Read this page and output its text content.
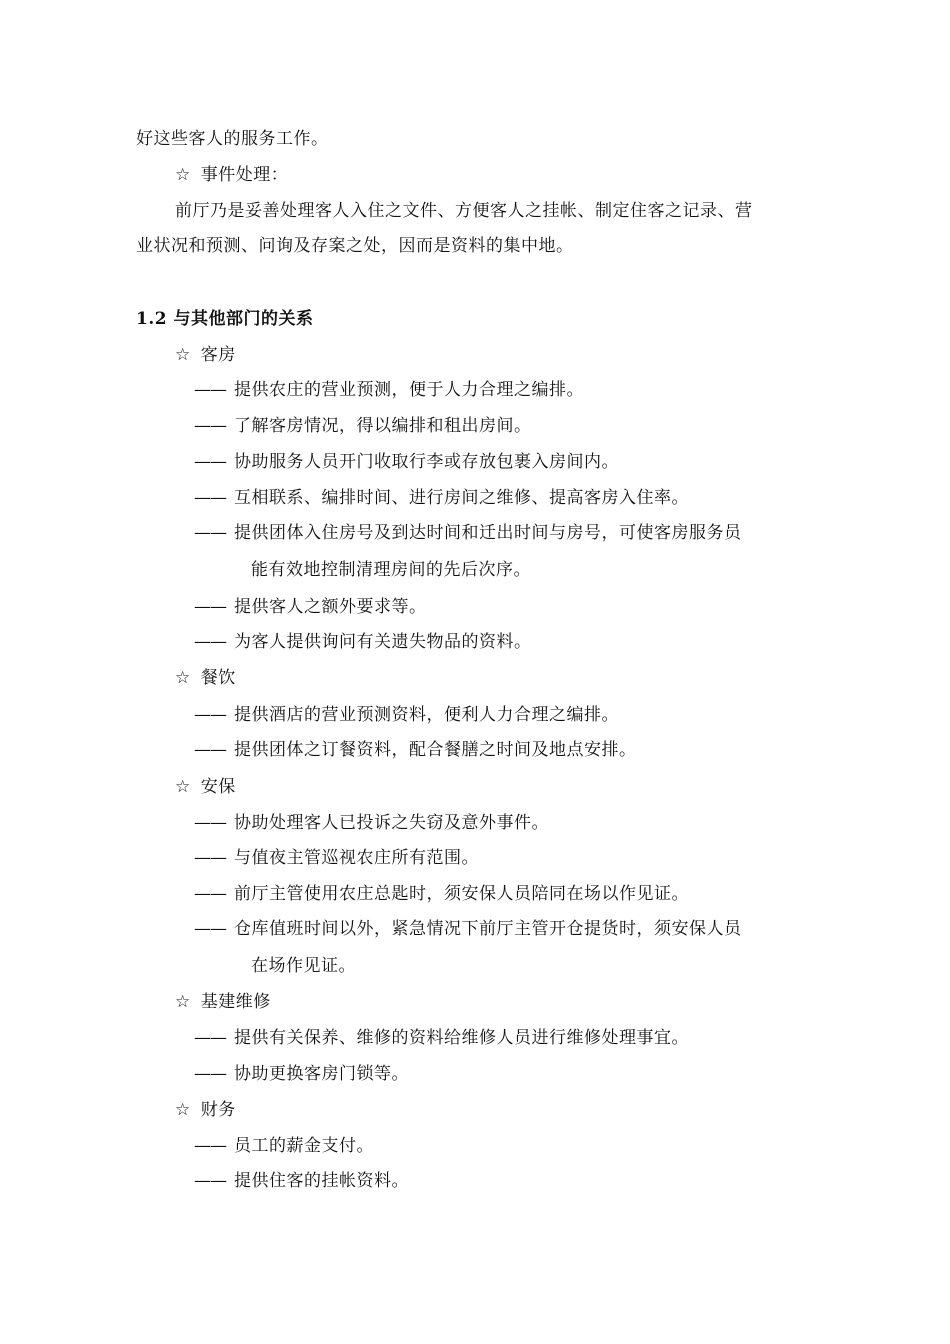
好这些客人的服务工作。
☆ 事件处理：
前厅乃是妥善处理客人入住之文件、方便客人之挂帐、制定住客之记录、营
业状况和预测、问询及存案之处，因而是资料的集中地。
1.2 与其他部门的关系
☆ 客房
—— 提供农庄的营业预测，便于人力合理之编排。
—— 了解客房情况，得以编排和租出房间。
—— 协助服务人员开门收取行李或存放包裹入房间内。
—— 互相联系、编排时间、进行房间之维修、提高客房入住率。
—— 提供团体入住房号及到达时间和迁出时间与房号，可使客房服务员
能有效地控制清理房间的先后次序。
—— 提供客人之额外要求等。
—— 为客人提供询问有关遗失物品的资料。
☆ 餐饮
—— 提供酒店的营业预测资料，便利人力合理之编排。
—— 提供团体之订餐资料，配合餐膳之时间及地点安排。
☆ 安保
—— 协助处理客人已投诉之失窃及意外事件。
—— 与值夜主管巡视农庄所有范围。
—— 前厅主管使用农庄总匙时，须安保人员陪同在场以作见证。
—— 仓库值班时间以外，紧急情况下前厅主管开仓提货时，须安保人员
在场作见证。
☆ 基建维修
—— 提供有关保养、维修的资料给维修人员进行维修处理事宜。
—— 协助更换客房门锁等。
☆ 财务
—— 员工的薪金支付。
—— 提供住客的挂帐资料。
